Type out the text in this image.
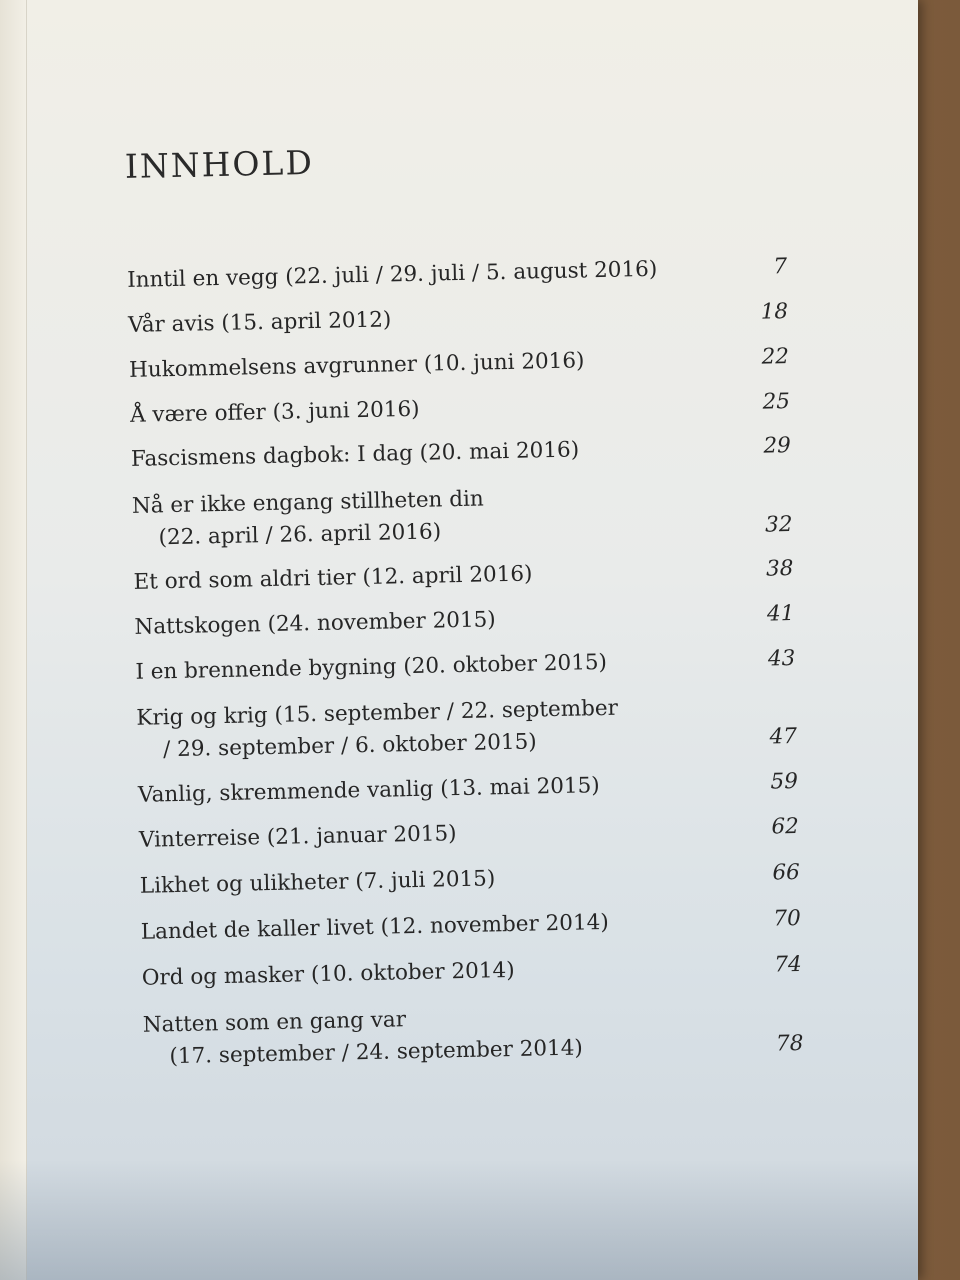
INNHOLD
Inntil en vegg (22. juli / 29. juli / 5. august 2016)	7
Vår avis (15. april 2012)	18
Hukommelsens avgrunner (10. juni 2016)	22
Å være offer (3. juni 2016)	25
Fascismens dagbok: I dag (20. mai 2016)	29
Nå er ikke engang stillheten din
(22. april / 26. april 2016)	32
Et ord som aldri tier (12. april 2016)	38
Nattskogen (24. november 2015)	41
I en brennende bygning (20. oktober 2015)	43
Krig og krig (15. september / 22. september
/ 29. september / 6. oktober 2015)	47
Vanlig, skremmende vanlig (13. mai 2015)	59
Vinterreise (21. januar 2015)	62
Likhet og ulikheter (7. juli 2015)	66
Landet de kaller livet (12. november 2014)	70
Ord og masker (10. oktober 2014)	74
Natten som en gang var
(17. september / 24. september 2014)	78
